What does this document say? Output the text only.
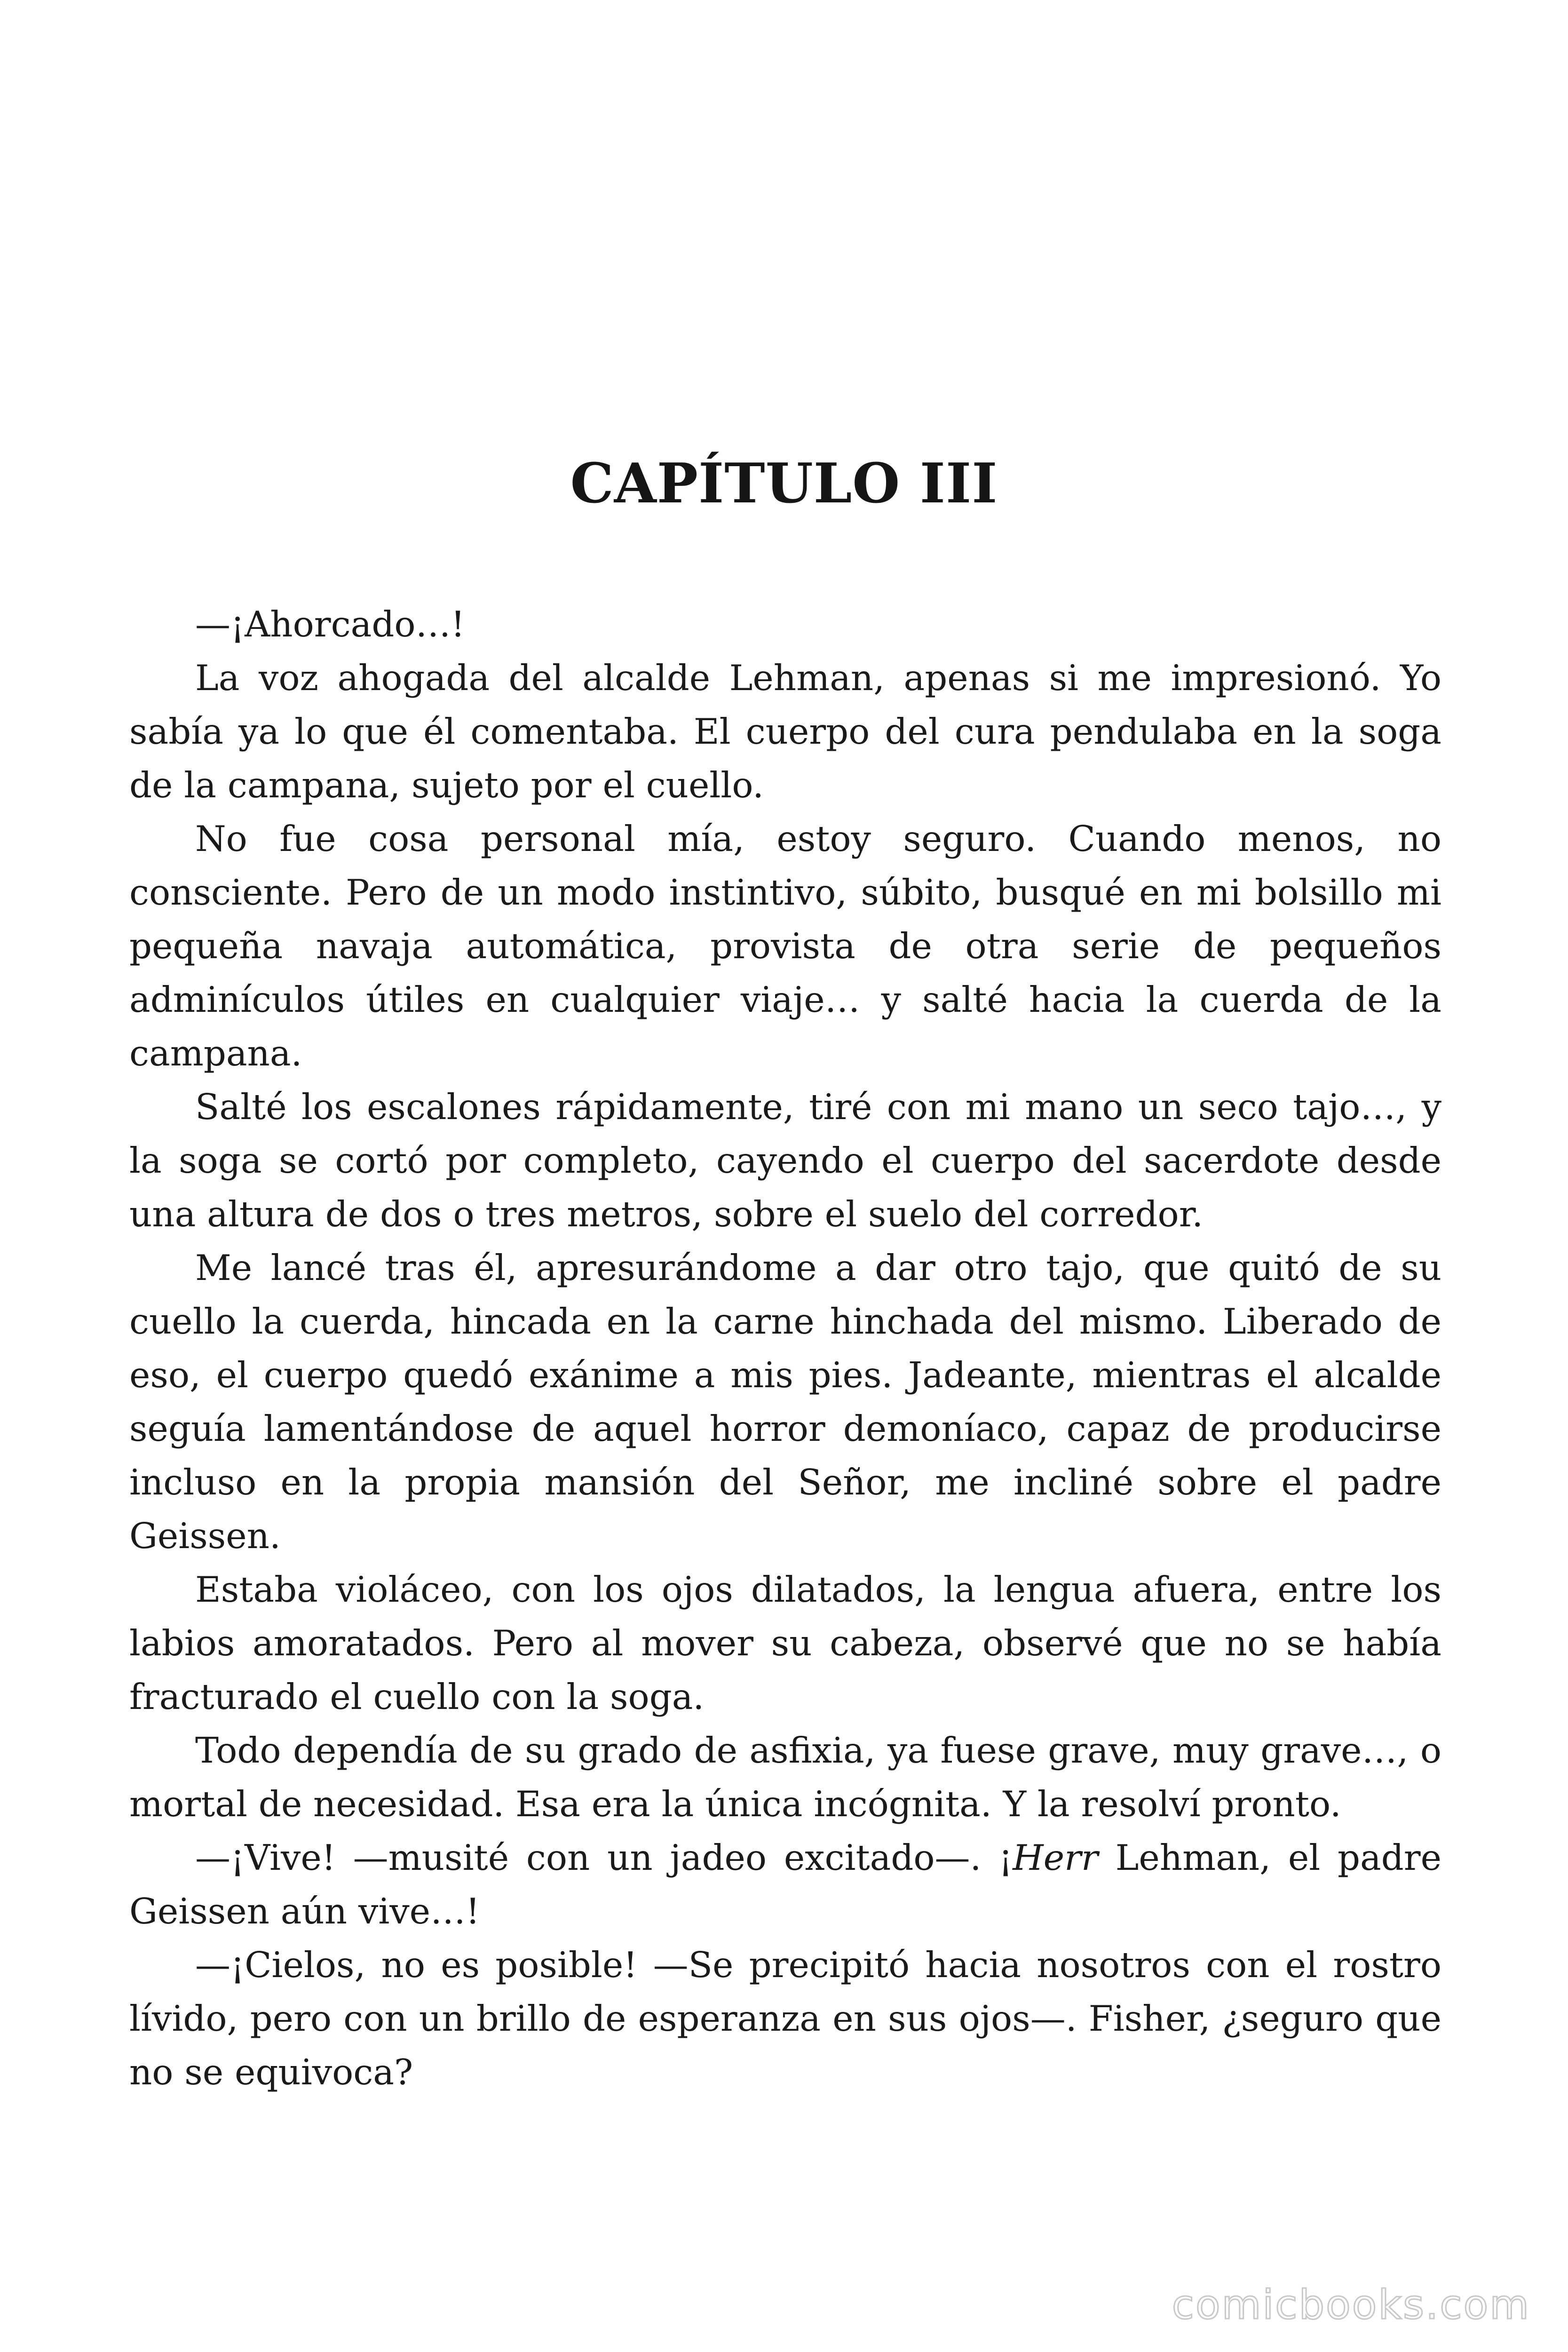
CAPÍTULO III

—¡Ahorcado…!

La voz ahogada del alcalde Lehman, apenas si me impresionó. Yo sabía ya lo que él comentaba. El cuerpo del cura pendulaba en la soga de la campana, sujeto por el cuello.

No fue cosa personal mía, estoy seguro. Cuando menos, no consciente. Pero de un modo instintivo, súbito, busqué en mi bolsillo mi pequeña navaja automática, provista de otra serie de pequeños adminículos útiles en cualquier viaje… y salté hacia la cuerda de la campana.

Salté los escalones rápidamente, tiré con mi mano un seco tajo…, y la soga se cortó por completo, cayendo el cuerpo del sacerdote desde una altura de dos o tres metros, sobre el suelo del corredor.

Me lancé tras él, apresurándome a dar otro tajo, que quitó de su cuello la cuerda, hincada en la carne hinchada del mismo. Liberado de eso, el cuerpo quedó exánime a mis pies. Jadeante, mientras el alcalde seguía lamentándose de aquel horror demoníaco, capaz de producirse incluso en la propia mansión del Señor, me incliné sobre el padre Geissen.

Estaba violáceo, con los ojos dilatados, la lengua afuera, entre los labios amoratados. Pero al mover su cabeza, observé que no se había fracturado el cuello con la soga.

Todo dependía de su grado de asfixia, ya fuese grave, muy grave…, o mortal de necesidad. Esa era la única incógnita. Y la resolví pronto.

—¡Vive! —musité con un jadeo excitado—. ¡Herr Lehman, el padre Geissen aún vive…!

—¡Cielos, no es posible! —Se precipitó hacia nosotros con el rostro lívido, pero con un brillo de esperanza en sus ojos—. Fisher, ¿seguro que no se equivoca?

comicbooks.com
